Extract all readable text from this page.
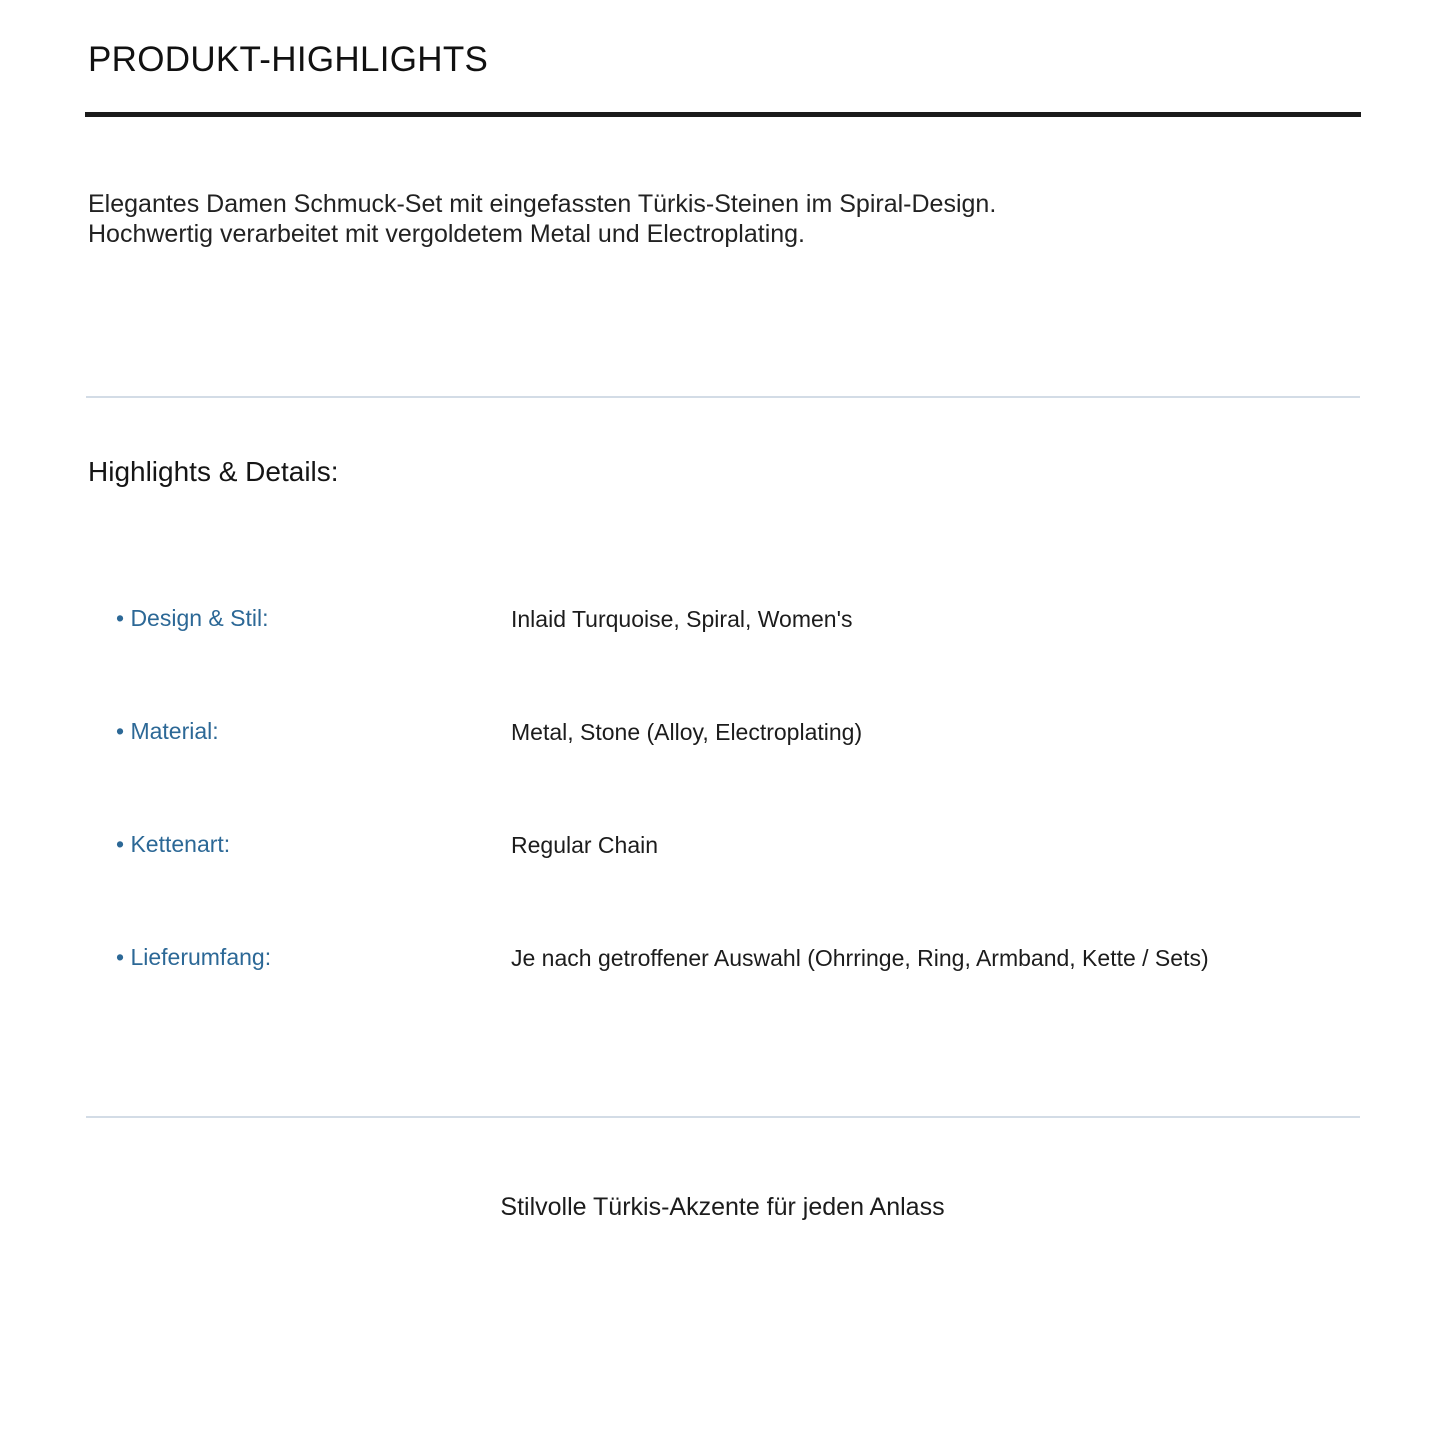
PRODUKT-HIGHLIGHTS
Elegantes Damen Schmuck-Set mit eingefassten Türkis-Steinen im Spiral-Design.
Hochwertig verarbeitet mit vergoldetem Metal und Electroplating.
Highlights & Details:
• Design & Stil:	Inlaid Turquoise, Spiral, Women's
• Material:	Metal, Stone (Alloy, Electroplating)
• Kettenart:	Regular Chain
• Lieferumfang:	Je nach getroffener Auswahl (Ohrringe, Ring, Armband, Kette / Sets)
Stilvolle Türkis-Akzente für jeden Anlass
